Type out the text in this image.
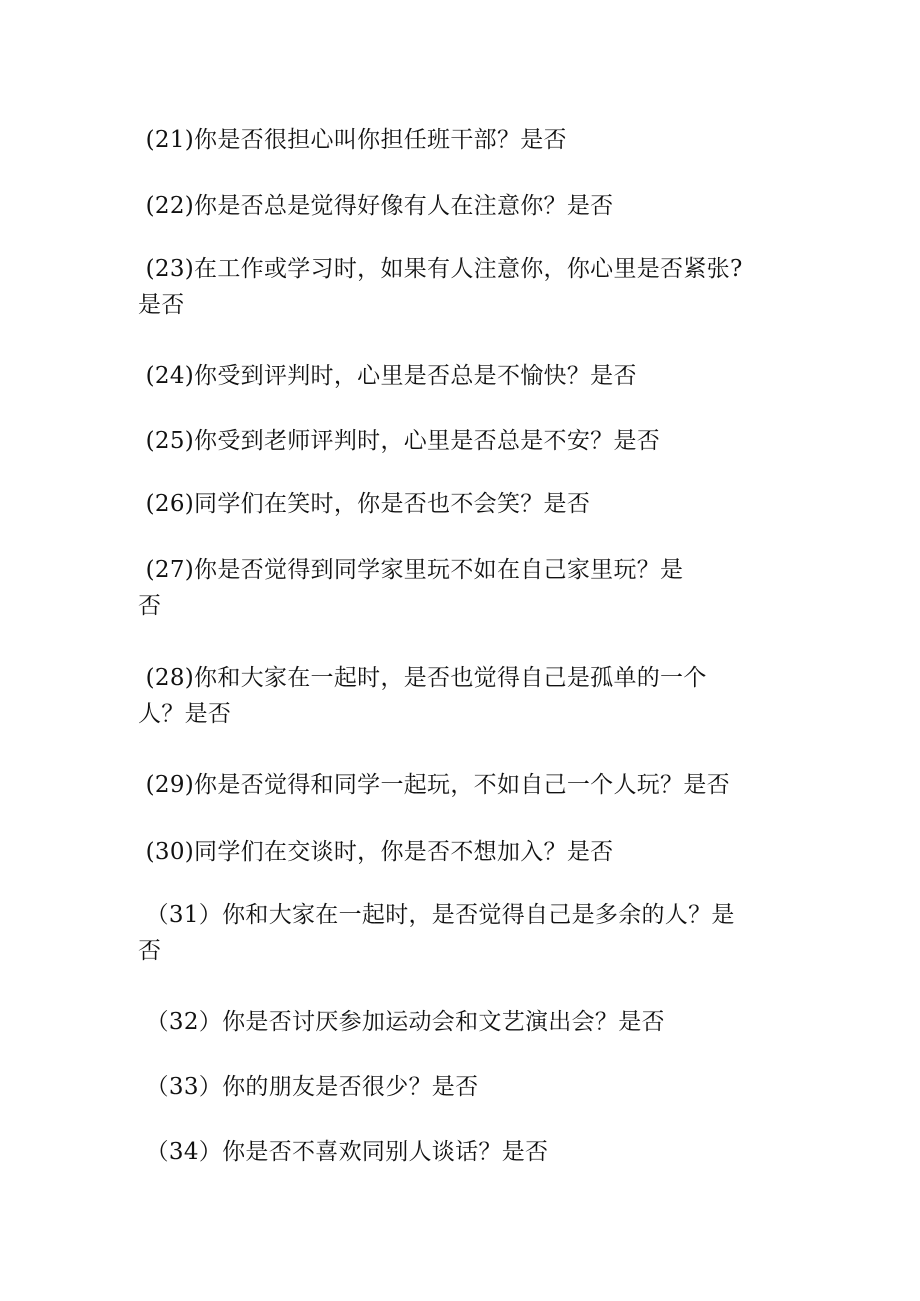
(21)你是否很担心叫你担任班干部？是否

(22)你是否总是觉得好像有人在注意你？是否

(23)在工作或学习时，如果有人注意你，你心里是否紧张?
是否

(24)你受到评判时，心里是否总是不愉快？是否

(25)你受到老师评判时，心里是否总是不安？是否

(26)同学们在笑时，你是否也不会笑？是否

(27)你是否觉得到同学家里玩不如在自己家里玩？是
否

(28)你和大家在一起时，是否也觉得自己是孤单的一个
人？是否

(29)你是否觉得和同学一起玩，不如自己一个人玩？是否

(30)同学们在交谈时，你是否不想加入？是否

（31）你和大家在一起时，是否觉得自己是多余的人？是
否

（32）你是否讨厌参加运动会和文艺演出会？是否

（33）你的朋友是否很少？是否

（34）你是否不喜欢同别人谈话？是否
